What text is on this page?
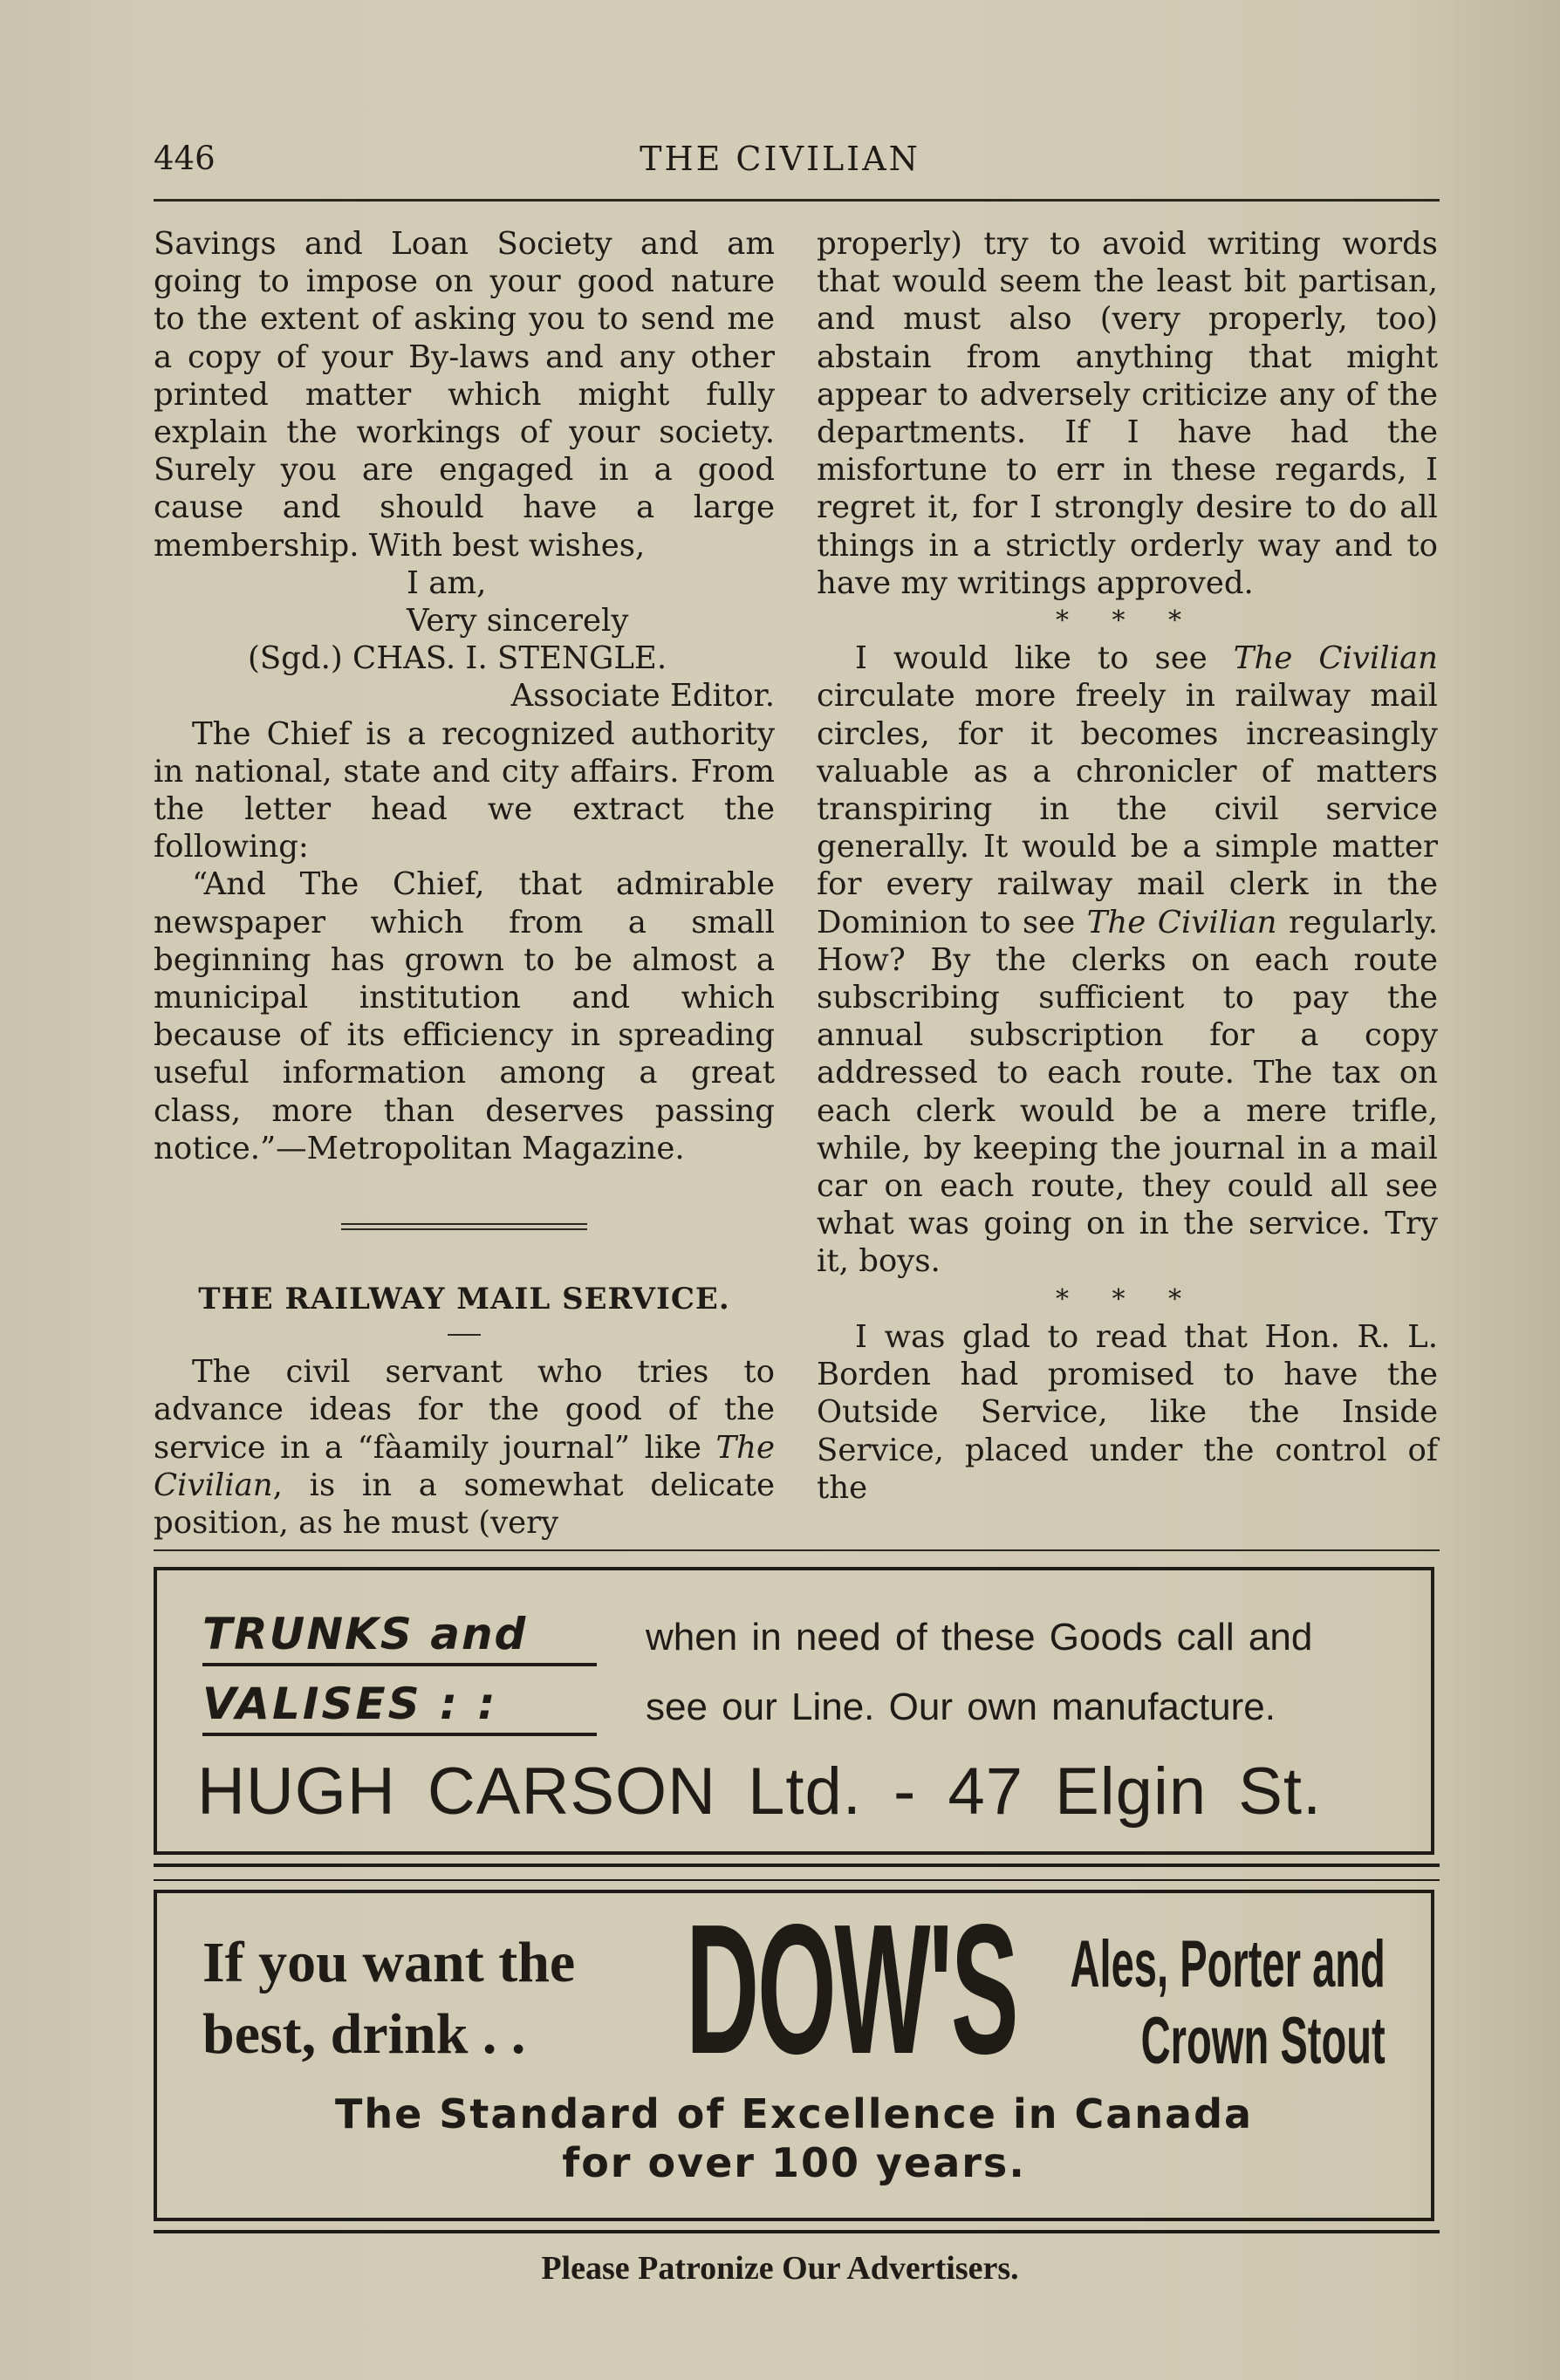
446	THE CIVILIAN

Savings and Loan Society and am going to impose on your good nature to the extent of asking you to send me a copy of your By-laws and any other printed matter which might fully explain the workings of your society. Surely you are engaged in a good cause and should have a large membership. With best wishes,

I am,

Very sincerely

(Sgd.) CHAS. I. STENGLE.

Associate Editor.

The Chief is a recognized authority in national, state and city affairs. From the letter head we extract the following:

“And The Chief, that admirable newspaper which from a small beginning has grown to be almost a municipal institution and which because of its efficiency in spreading useful information among a great class, more than deserves passing notice.”—Metropolitan Magazine.

THE RAILWAY MAIL SERVICE.

The civil servant who tries to advance ideas for the good of the service in a “fàamily journal” like The Civilian, is in a somewhat delicate position, as he must (very

properly) try to avoid writing words that would seem the least bit partisan, and must also (very properly, too) abstain from anything that might appear to adversely criticize any of the departments. If I have had the misfortune to err in these regards, I regret it, for I strongly desire to do all things in a strictly orderly way and to have my writings approved.

* * *

I would like to see The Civilian circulate more freely in railway mail circles, for it becomes increasingly valuable as a chronicler of matters transpiring in the civil service generally. It would be a simple matter for every railway mail clerk in the Dominion to see The Civilian regularly. How? By the clerks on each route subscribing sufficient to pay the annual subscription for a copy addressed to each route. The tax on each clerk would be a mere trifle, while, by keeping the journal in a mail car on each route, they could all see what was going on in the service. Try it, boys.

* * *

I was glad to read that Hon. R. L. Borden had promised to have the Outside Service, like the Inside Service, placed under the control of the

TRUNKS and
VALISES : :
when in need of these Goods call and
see our Line. Our own manufacture.
HUGH CARSON Ltd. - 47 Elgin St.
If you want the
best, drink . . DOW'S Ales, Porter and
Crown Stout
The Standard of Excellence in Canada
for over 100 years.
Please Patronize Our Advertisers.
